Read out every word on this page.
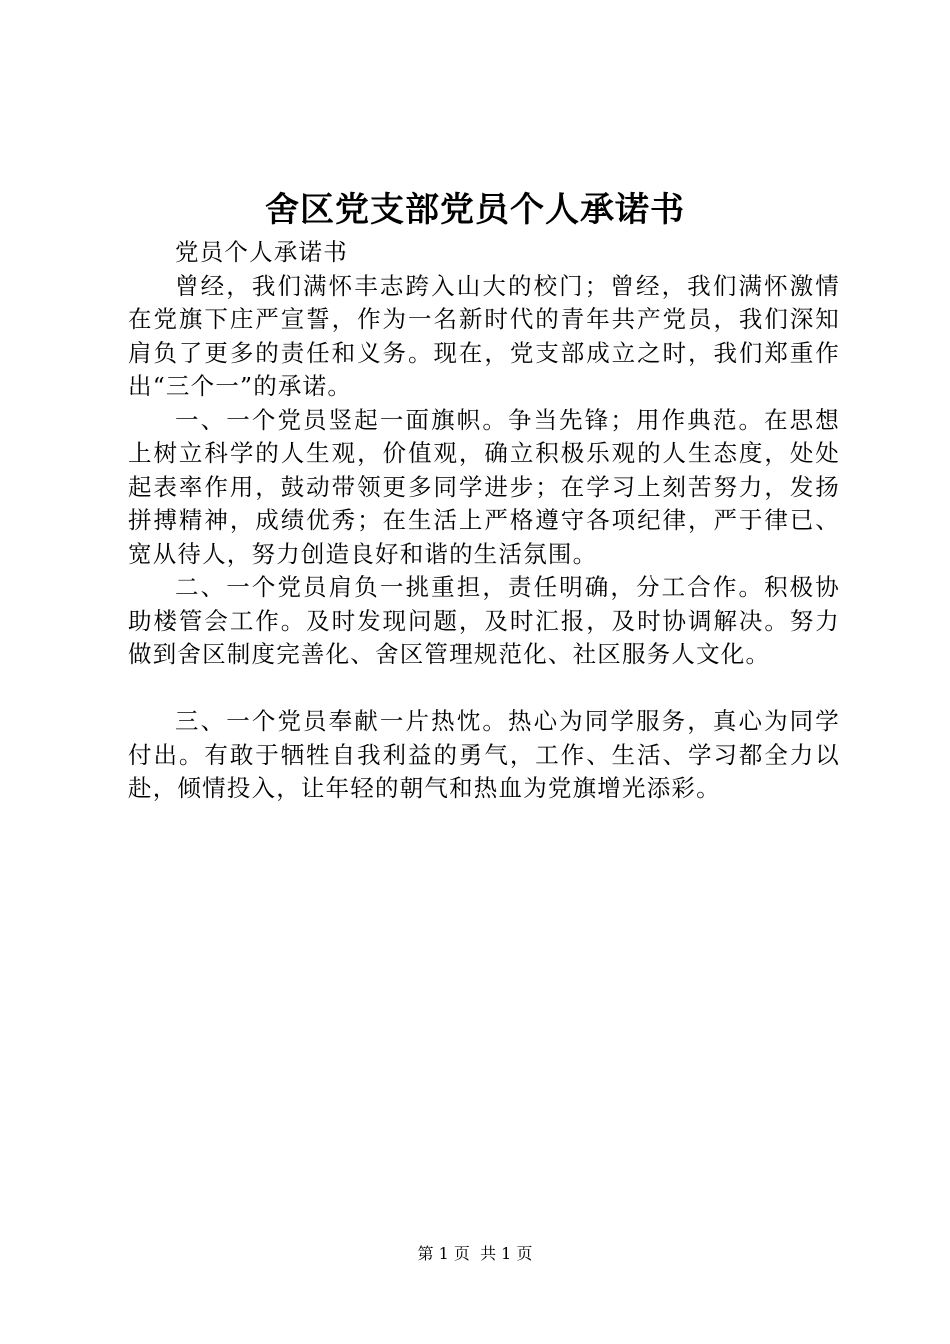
舍区党支部党员个人承诺书

党员个人承诺书

曾经，我们满怀丰志跨入山大的校门；曾经，我们满怀激情在党旗下庄严宣誓，作为一名新时代的青年共产党员，我们深知肩负了更多的责任和义务。现在，党支部成立之时，我们郑重作出“三个一”的承诺。

一、一个党员竖起一面旗帜。争当先锋；用作典范。在思想上树立科学的人生观，价值观，确立积极乐观的人生态度，处处起表率作用，鼓动带领更多同学进步；在学习上刻苦努力，发扬拼搏精神，成绩优秀；在生活上严格遵守各项纪律，严于律已、宽从待人，努力创造良好和谐的生活氛围。

二、一个党员肩负一挑重担，责任明确，分工合作。积极协助楼管会工作。及时发现问题，及时汇报，及时协调解决。努力做到舍区制度完善化、舍区管理规范化、社区服务人文化。

三、一个党员奉献一片热忱。热心为同学服务，真心为同学付出。有敢于牺牲自我利益的勇气，工作、生活、学习都全力以赴，倾情投入，让年轻的朝气和热血为党旗增光添彩。

第 1 页  共 1 页
